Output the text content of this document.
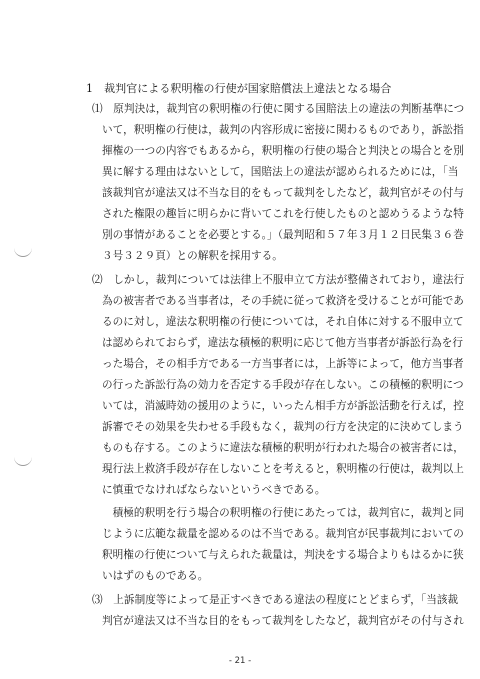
1　裁判官による釈明権の行使が国家賠償法上違法となる場合
⑴　原判決は，裁判官の釈明権の行使に関する国賠法上の違法の判断基準につ
いて，釈明権の行使は，裁判の内容形成に密接に関わるものであり，訴訟指
揮権の一つの内容でもあるから，釈明権の行使の場合と判決との場合とを別
異に解する理由はないとして，国賠法上の違法が認められるためには，「当
該裁判官が違法又は不当な目的をもって裁判をしたなど，裁判官がその付与
された権限の趣旨に明らかに背いてこれを行使したものと認めうるような特
別の事情があることを必要とする。」（最判昭和５７年３月１２日民集３６巻
３号３２９頁）との解釈を採用する。
⑵　しかし，裁判については法律上不服申立て方法が整備されており，違法行
為の被害者である当事者は，その手続に従って救済を受けることが可能であ
るのに対し，違法な釈明権の行使については，それ自体に対する不服申立て
は認められておらず，違法な積極的釈明に応じて他方当事者が訴訟行為を行
った場合，その相手方である一方当事者には，上訴等によって，他方当事者
の行った訴訟行為の効力を否定する手段が存在しない。この積極的釈明につ
いては，消滅時効の援用のように，いったん相手方が訴訟活動を行えば，控
訴審でその効果を失わせる手段もなく，裁判の行方を決定的に決めてしまう
ものも存する。このように違法な積極的釈明が行われた場合の被害者には，
現行法上救済手段が存在しないことを考えると，釈明権の行使は，裁判以上
に慎重でなければならないというべきである。
　積極的釈明を行う場合の釈明権の行使にあたっては，裁判官に，裁判と同
じように広範な裁量を認めるのは不当である。裁判官が民事裁判においての
釈明権の行使について与えられた裁量は，判決をする場合よりもはるかに狭
いはずのものである。
⑶　上訴制度等によって是正すべきである違法の程度にとどまらず，「当該裁
判官が違法又は不当な目的をもって裁判をしたなど，裁判官がその付与され
- 21 -
